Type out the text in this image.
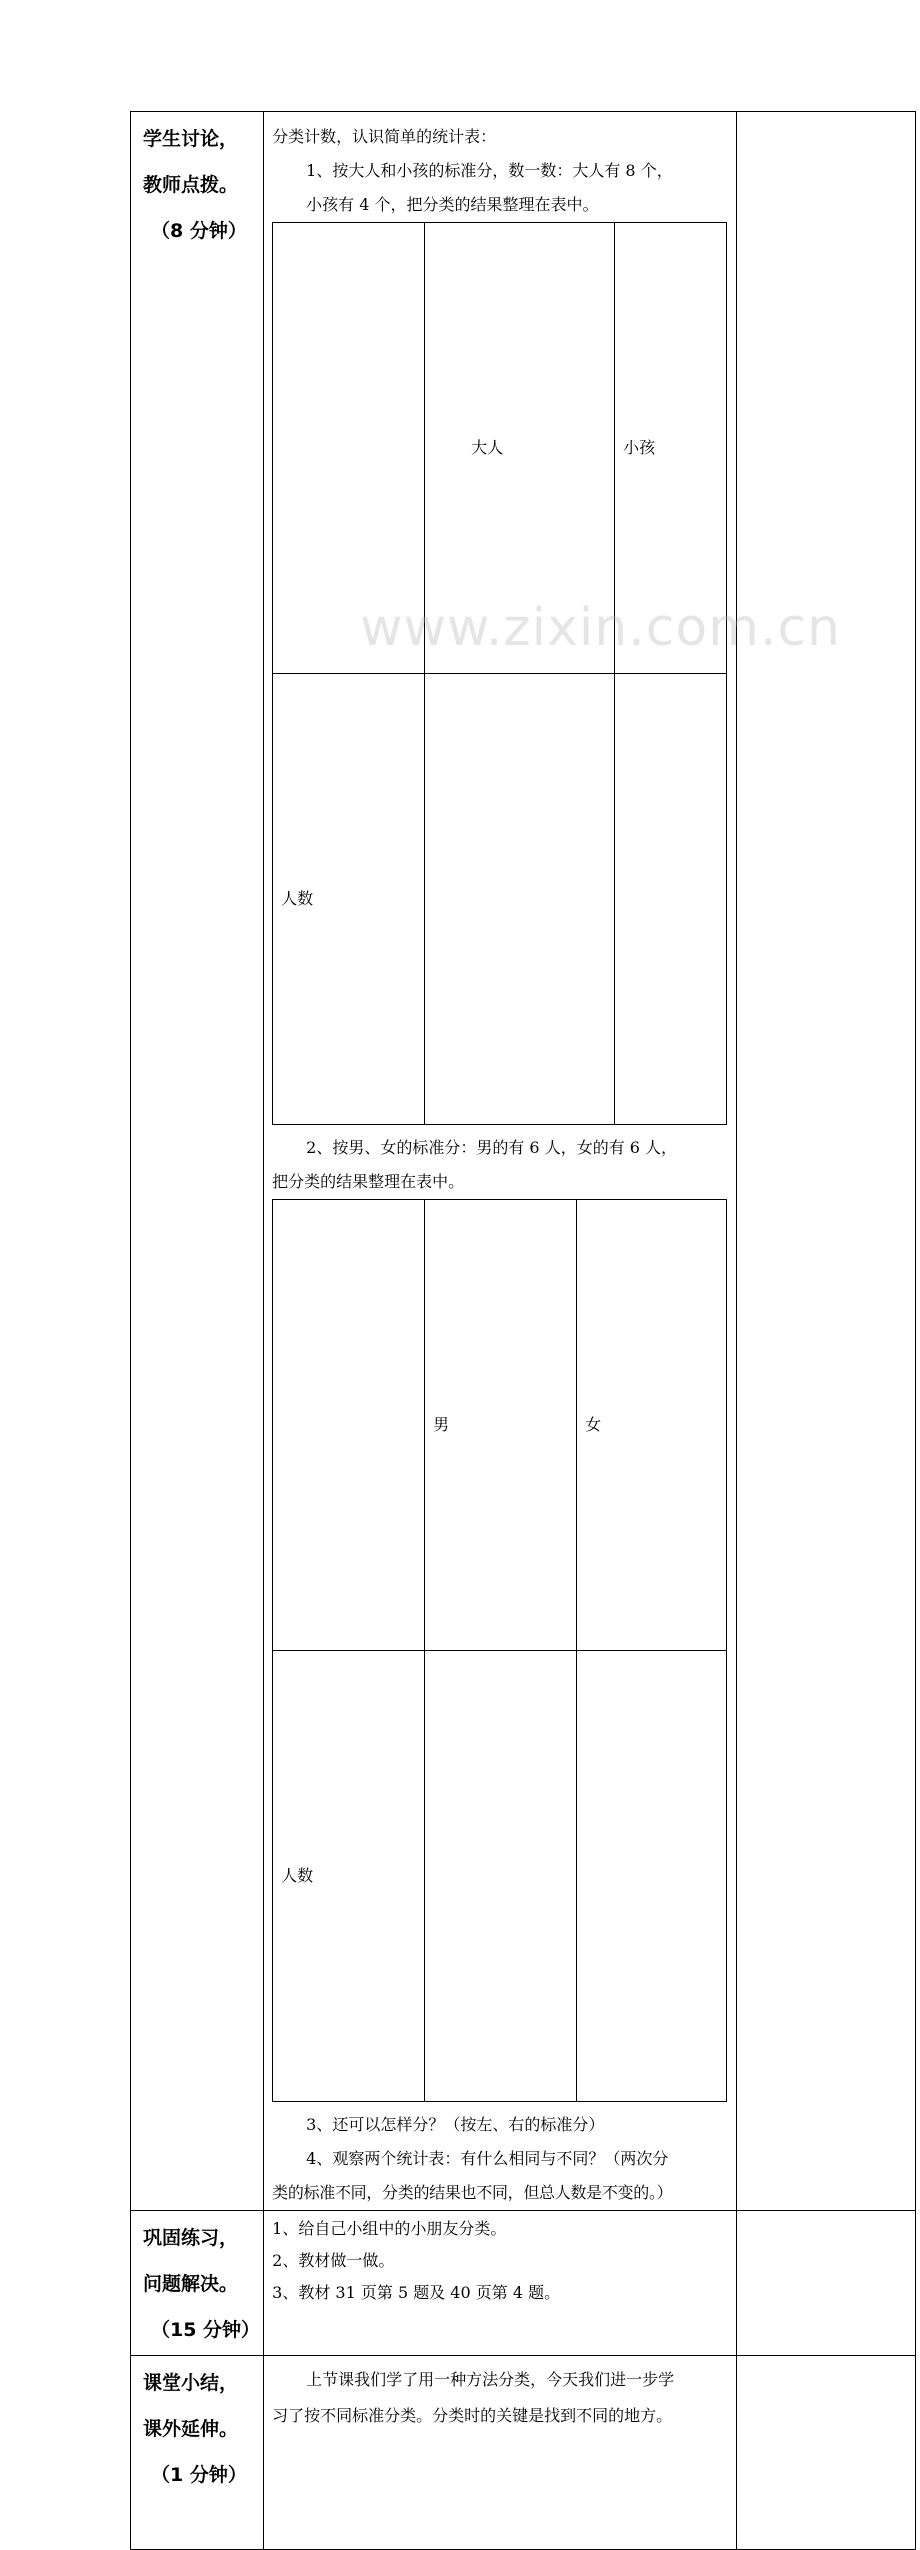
学生讨论，
教师点拨。
（8 分钟）

分类计数，认识简单的统计表：
1、按大人和小孩的标准分，数一数：大人有 8 个，
小孩有 4 个，把分类的结果整理在表中。
	大人	小孩
人数		
2、按男、女的标准分：男的有 6 人，女的有 6 人，
把分类的结果整理在表中。
	男	女
人数		
3、还可以怎样分？（按左、右的标准分）
4、观察两个统计表：有什么相同与不同？（两次分
类的标准不同，分类的结果也不同，但总人数是不变的。）

巩固练习，
问题解决。
（15 分钟）

1、给自己小组中的小朋友分类。
2、教材做一做。
3、教材 31 页第 5 题及 40 页第 4 题。

课堂小结，
课外延伸。
（1 分钟）

上节课我们学了用一种方法分类，今天我们进一步学
习了按不同标准分类。分类时的关键是找到不同的地方。

www.zixin.com.cn
